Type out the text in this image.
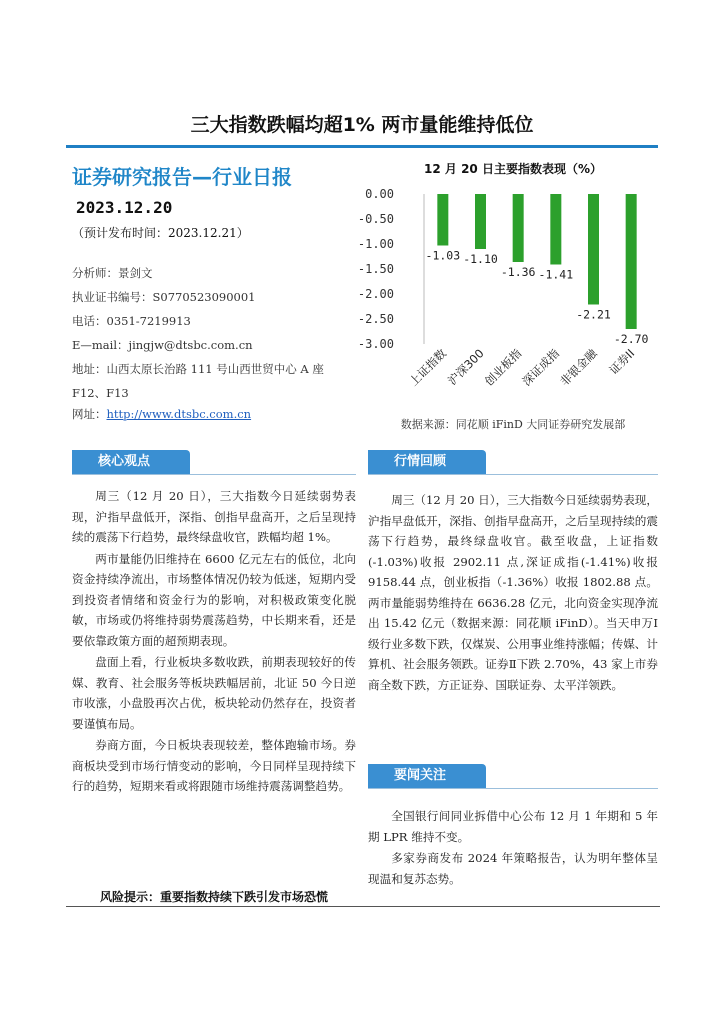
三大指数跌幅均超1% 两市量能维持低位
证券研究报告—行业日报
2023.12.20
（预计发布时间：2023.12.21）
分析师：景剑文
执业证书编号：S0770523090001
电话：0351-7219913
E—mail：jingjw@dtsbc.com.cn
地址：山西太原长治路 111 号山西世贸中心 A 座
F12、F13
网址：http://www.dtsbc.com.cn
12 月 20 日主要指数表现（%）
0.00
-0.50
-1.00
-1.50
-2.00
-2.50
-3.00
-1.03
上证指数
-1.10
沪深300
-1.36
创业板指
-1.41
深证成指
-2.21
非银金融
-2.70
证券II
数据来源：同花顺 iFinD 大同证券研究发展部
核心观点

周三（12 月 20 日），三大指数今日延续弱势表现，沪指早盘低开，深指、创指早盘高开，之后呈现持续的震荡下行趋势，最终绿盘收官，跌幅均超 1%。

两市量能仍旧维持在 6600 亿元左右的低位，北向资金持续净流出，市场整体情况仍较为低迷，短期内受到投资者情绪和资金行为的影响，对积极政策变化脱敏，市场或仍将维持弱势震荡趋势，中长期来看，还是要依靠政策方面的超预期表现。

盘面上看，行业板块多数收跌，前期表现较好的传媒、教育、社会服务等板块跌幅居前，北证 50 今日逆市收涨，小盘股再次占优，板块轮动仍然存在，投资者要谨慎布局。

券商方面，今日板块表现较差，整体跑输市场。券商板块受到市场行情变动的影响，今日同样呈现持续下行的趋势，短期来看或将跟随市场维持震荡调整趋势。

风险提示：重要指数持续下跌引发市场恐慌
行情回顾

周三（12 月 20 日），三大指数今日延续弱势表现，沪指早盘低开，深指、创指早盘高开，之后呈现持续的震荡下行趋势，最终绿盘收官。截至收盘，上证指数(-1.03%)收报 2902.11 点,深证成指(-1.41%)收报 9158.44 点，创业板指（-1.36%）收报 1802.88 点。两市量能弱势维持在 6636.28 亿元，北向资金实现净流出 15.42 亿元（数据来源：同花顺 iFinD）。当天申万Ⅰ级行业多数下跌，仅煤炭、公用事业维持涨幅；传媒、计算机、社会服务领跌。证券Ⅱ下跌 2.70%，43 家上市券商全数下跌，方正证券、国联证券、太平洋领跌。

要闻关注

全国银行间同业拆借中心公布 12 月 1 年期和 5 年期 LPR 维持不变。

多家券商发布 2024 年策略报告，认为明年整体呈现温和复苏态势。
